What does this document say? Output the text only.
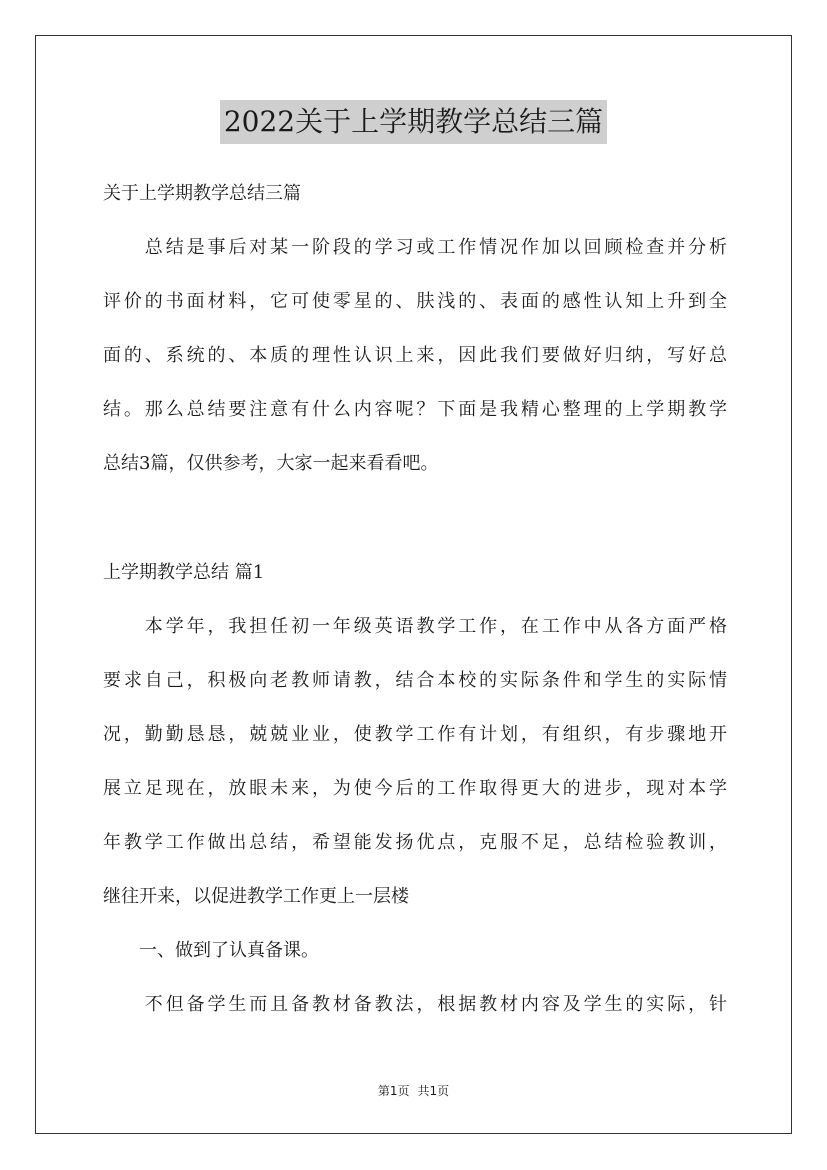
2022关于上学期教学总结三篇
关于上学期教学总结三篇
　　总结是事后对某一阶段的学习或工作情况作加以回顾检查并分析
评价的书面材料，它可使零星的、肤浅的、表面的感性认知上升到全
面的、系统的、本质的理性认识上来，因此我们要做好归纳，写好总
结。那么总结要注意有什么内容呢？下面是我精心整理的上学期教学
总结3篇，仅供参考，大家一起来看看吧。
上学期教学总结 篇1
　　本学年，我担任初一年级英语教学工作，在工作中从各方面严格
要求自己，积极向老教师请教，结合本校的实际条件和学生的实际情
况，勤勤恳恳，兢兢业业，使教学工作有计划，有组织，有步骤地开
展立足现在，放眼未来，为使今后的工作取得更大的进步，现对本学
年教学工作做出总结，希望能发扬优点，克服不足，总结检验教训，
继往开来，以促进教学工作更上一层楼
　　一、做到了认真备课。
　　不但备学生而且备教材备教法，根据教材内容及学生的实际，针
第1页 共1页
